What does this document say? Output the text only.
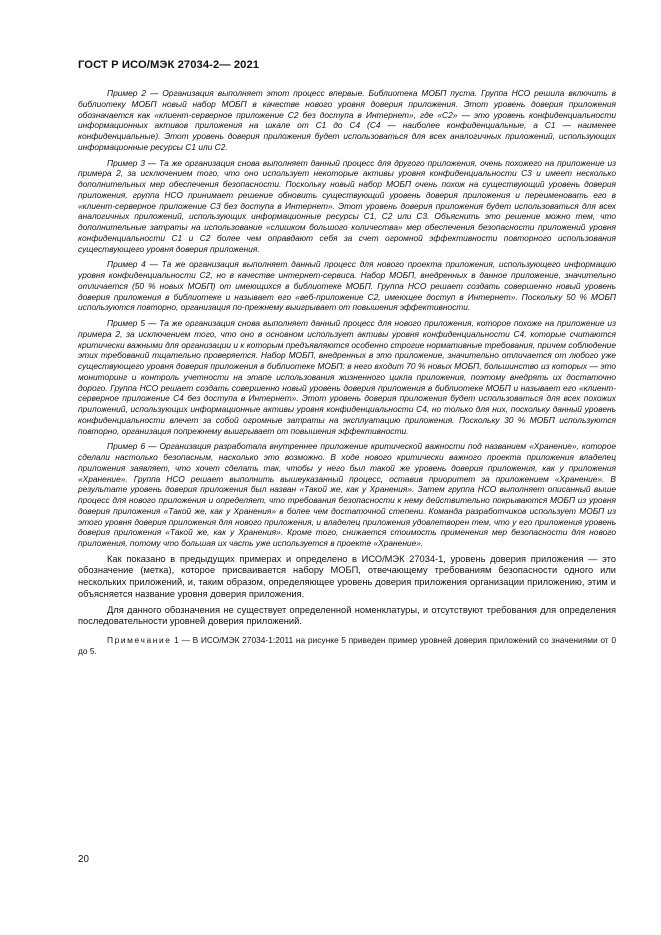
ГОСТ Р ИСО/МЭК 27034-2— 2021

Пример 2 — Организация выполняет этот процесс впервые. Библиотека МОБП пуста. Группа НСО решила включить в библиотеку МОБП новый набор МОБП в качестве нового уровня доверия приложения. Этот уровень доверия приложения обозначается как «клиент-серверное приложение С2 без доступа в Интернет», где «С2» — это уровень конфиденциальности информационных активов приложения на шкале от С1 до С4 (С4 — наиболее конфиденциальные, а С1 — наименее конфиденциальные). Этот уровень доверия приложения будет использоваться для всех аналогичных приложений, использующих информационные ресурсы С1 или С2.

Пример 3 — Та же организация снова выполняет данный процесс для другого приложения, очень похожего на приложение из примера 2, за исключением того, что оно использует некоторые активы уровня конфиденциальности С3 и имеет несколько дополнительных мер обеспечения безопасности. Поскольку новый набор МОБП очень похож на существующий уровень доверия приложения, группа НСО принимает решение обновить существующий уровень доверия приложения и переименовать его в «клиент-серверное приложение С3 без доступа в Интернет». Этот уровень доверия приложения будет использоваться для всех аналогичных приложений, использующих информационные ресурсы С1, С2 или С3. Объяснить это решение можно тем, что дополнительные затраты на использование «слишком большого количества» мер обеспечения безопасности приложений уровня конфиденциальности С1 и С2 более чем оправдают себя за счет огромной эффективности повторного использования существующего уровня доверия приложения.

Пример 4 — Та же организация выполняет данный процесс для нового проекта приложения, использующего информацию уровня конфиденциальности С2, но в качестве интернет-сервиса. Набор МОБП, внедренных в данное приложение, значительно отличается (50 % новых МОБП) от имеющихся в библиотеке МОБП. Группа НСО решает создать совершенно новый уровень доверия приложения в библиотеке и называет его «веб-приложение С2, имеющее доступ в Интернет». Поскольку 50 % МОБП используются повторно, организация по-прежнему выигрывает от повышения эффективности.

Пример 5 — Та же организация снова выполняет данный процесс для нового приложения, которое похоже на приложение из примера 2, за исключением того, что оно в основном использует активы уровня конфиденциальности С4, которые считаются критически важными для организации и к которым предъявляются особенно строгие нормативные требования, причем соблюдение этих требований тщательно проверяется. Набор МОБП, внедренных в это приложение, значительно отличается от любого уже существующего уровня доверия приложения в библиотеке МОБП: в него входит 70 % новых МОБП, большинство из которых — это мониторинг и контроль учетности на этапе использования жизненного цикла приложения, поэтому внедрять их достаточно дорого. Группа НСО решает создать совершенно новый уровень доверия приложения в библиотеке МОБП и называет его «клиент-серверное приложение С4 без доступа в Интернет». Этот уровень доверия приложения будет использоваться для всех похожих приложений, использующих информационные активы уровня конфиденциальности С4, но только для них, поскольку данный уровень конфиденциальности влечет за собой огромные затраты на эксплуатацию приложения. Поскольку 30 % МОБП используются повторно, организация попрежнему выигрывает от повышения эффективности.

Пример 6 — Организация разработала внутреннее приложение критической важности под названием «Хранение», которое сделали настолько безопасным, насколько это возможно. В ходе нового критически важного проекта приложения владелец приложения заявляет, что хочет сделать так, чтобы у него был такой же уровень доверия приложения, как у приложения «Хранение». Группа НСО решает выполнить вышеуказанный процесс, оставив приоритет за приложением «Хранение». В результате уровень доверия приложения был назван «Такой же, как у Хранения». Затем группа НСО выполняет описанный выше процесс для нового приложения и определяет, что требования безопасности к нему действительно покрываются МОБП из уровня доверия приложения «Такой же, как у Хранения» в более чем достаточной степени. Команда разработчиков использует МОБП из этого уровня доверия приложения для нового приложения, и владелец приложения удовлетворен тем, что у его приложения уровень доверия приложения «Такой же, как у Хранения». Кроме того, снижается стоимость применения мер безопасности для нового приложения, потому что большая их часть уже используется в проекте «Хранение».

Как показано в предыдущих примерах и определено в ИСО/МЭК 27034-1, уровень доверия приложения — это обозначение (метка), которое присваивается набору МОБП, отвечающему требованиям безопасности одного или нескольких приложений, и, таким образом, определяющее уровень доверия приложения организации приложению, этим и объясняется название уровня доверия приложения.

Для данного обозначения не существует определенной номенклатуры, и отсутствуют требования для определения последовательности уровней доверия приложений.

Примечание 1 — В ИСО/МЭК 27034-1:2011 на рисунке 5 приведен пример уровней доверия приложений со значениями от 0 до 5.

20
